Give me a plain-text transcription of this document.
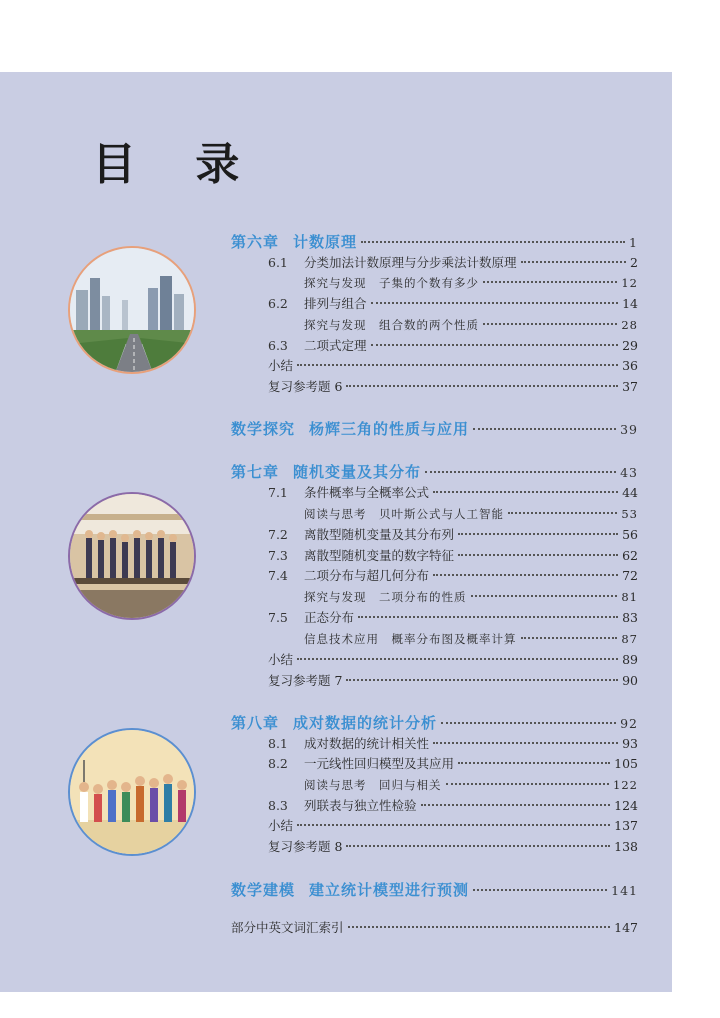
目 录
第六章 计数原理	1
6.1 分类加法计数原理与分步乘法计数原理	2
探究与发现　子集的个数有多少	12
6.2 排列与组合	14
探究与发现　组合数的两个性质	28
6.3 二项式定理	29
小结	36
复习参考题 6	37
数学探究 杨辉三角的性质与应用	39
第七章 随机变量及其分布	43
7.1 条件概率与全概率公式	44
阅读与思考　贝叶斯公式与人工智能	53
7.2 离散型随机变量及其分布列	56
7.3 离散型随机变量的数字特征	62
7.4 二项分布与超几何分布	72
探究与发现　二项分布的性质	81
7.5 正态分布	83
信息技术应用　概率分布图及概率计算	87
小结	89
复习参考题 7	90
第八章 成对数据的统计分析	92
8.1 成对数据的统计相关性	93
8.2 一元线性回归模型及其应用	105
阅读与思考　回归与相关	122
8.3 列联表与独立性检验	124
小结	137
复习参考题 8	138
数学建模 建立统计模型进行预测	141
部分中英文词汇索引	147
